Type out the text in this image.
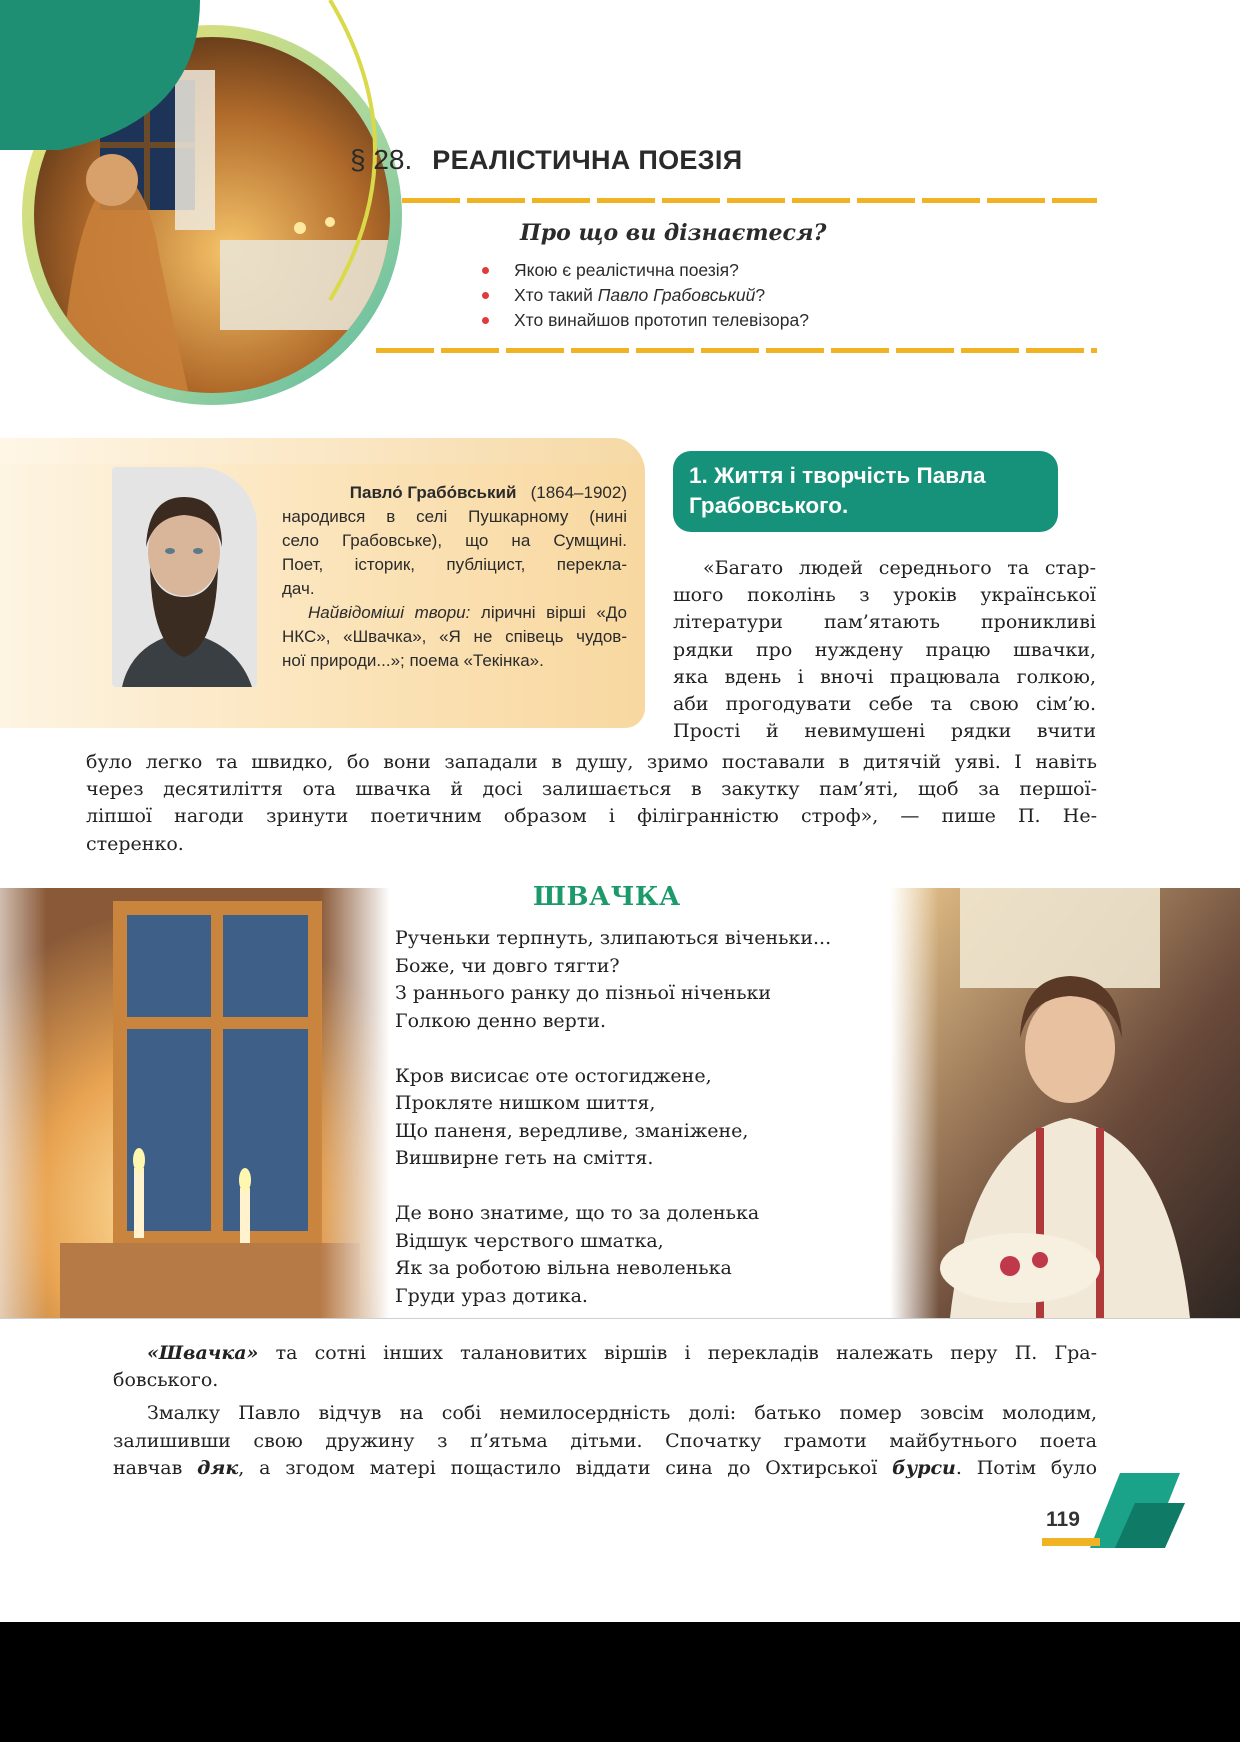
§ 28. РЕАЛІСТИЧНА ПОЕЗІЯ
Про що ви дізнаєтеся?
Якою є реалістична поезія?
Хто такий Павло Грабовський?
Хто винайшов прототип телевізора?
Павло́ Грабо́вський (1864–1902)
народився в селі Пушкарному (нині
село Грабовське), що на Сумщині.
Поет, історик, публіцист, перекла-
дач.
Найвідоміші твори: ліричні вірші «До
НКС», «Швачка», «Я не співець чудов-
ної природи...»; поема «Текінка».
1. Життя і творчість Павла
Грабовського.
«Багато людей середнього та стар-
шого поколінь з уроків української
літератури пам’ятають проникливі
рядки про нуждену працю швачки,
яка вдень і вночі працювала голкою,
аби прогодувати себе та свою сім’ю.
Прості й невимушені рядки вчити
було легко та швидко, бо вони западали в душу, зримо поставали в дитячій уяві. І навіть
через десятиліття ота швачка й досі залишається в закутку пам’яті, щоб за першої-
ліпшої нагоди зринути поетичним образом і філігранністю строф», — пише П. Не-
стеренко.
ШВАЧКА
Рученьки терпнуть, злипаються віченьки...
Боже, чи довго тягти?
З раннього ранку до пізньої ніченьки
Голкою денно верти.
Кров висисає оте остогиджене,
Прокляте нишком шиття,
Що паненя, вередливе, зманіжене,
Вишвирне геть на сміття.
Де воно знатиме, що то за доленька
Відшук черствого шматка,
Як за роботою вільна неволенька
Груди ураз дотика.
«Швачка» та сотні інших талановитих віршів і перекладів належать перу П. Гра-
бовського.
Змалку Павло відчув на собі немилосердність долі: батько помер зовсім молодим,
залишивши свою дружину з п’ятьма дітьми. Спочатку грамоти майбутнього поета
навчав дяк, а згодом матері пощастило віддати сина до Охтирської бурси. Потім було
119
